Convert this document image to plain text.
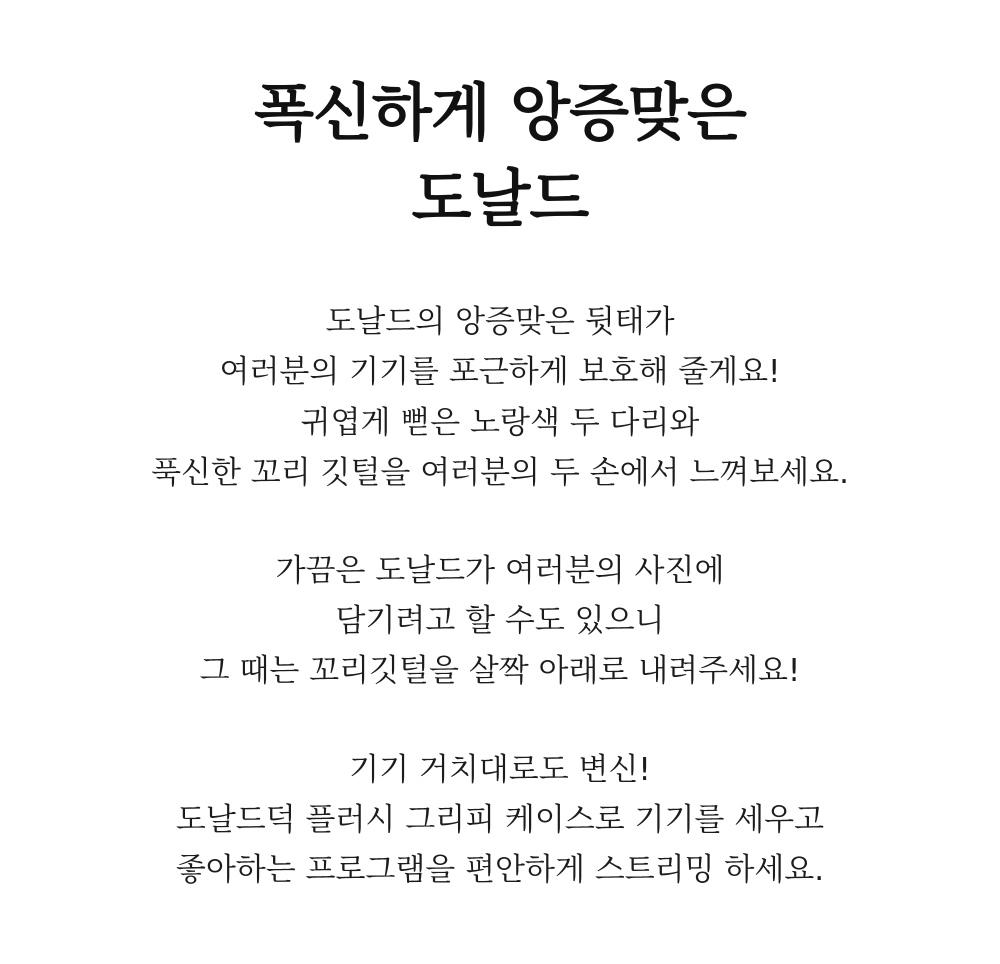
폭신하게 앙증맞은
도날드
도날드의 앙증맞은 뒷태가
여러분의 기기를 포근하게 보호해 줄게요!
귀엽게 뻗은 노랑색 두 다리와
푹신한 꼬리 깃털을 여러분의 두 손에서 느껴보세요.
가끔은 도날드가 여러분의 사진에
담기려고 할 수도 있으니
그 때는 꼬리깃털을 살짝 아래로 내려주세요!
기기 거치대로도 변신!
도날드덕 플러시 그리피 케이스로 기기를 세우고
좋아하는 프로그램을 편안하게 스트리밍 하세요.
